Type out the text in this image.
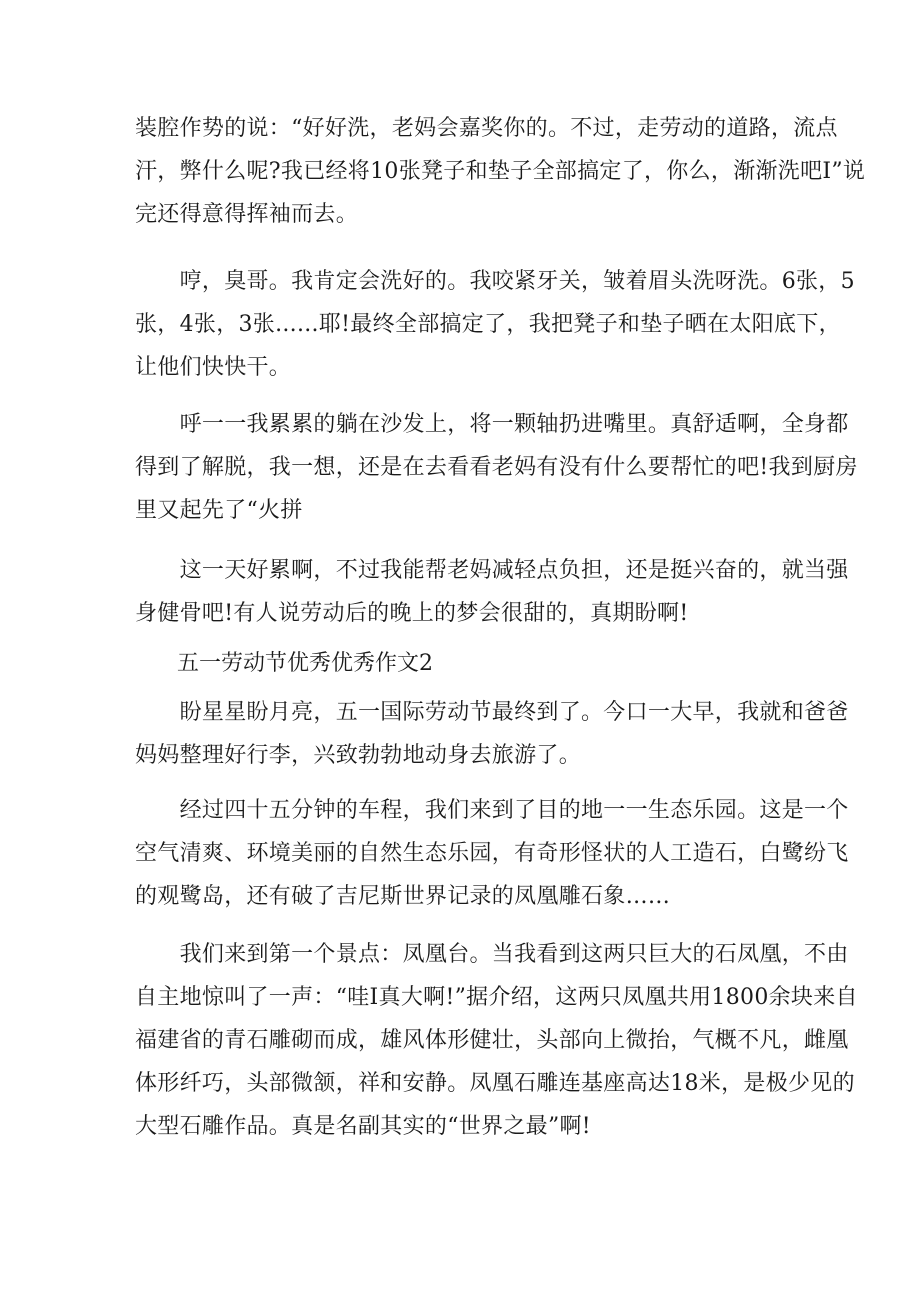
装腔作势的说：“好好洗，老妈会嘉奖你的。不过，走劳动的道路，流点
汗，弊什么呢?我已经将10张凳子和垫子全部搞定了，你么，渐渐洗吧I”说
完还得意得挥袖而去。
　　哼，臭哥。我肯定会洗好的。我咬紧牙关，皱着眉头洗呀洗。6张，5
张，4张，3张......耶!最终全部搞定了，我把凳子和垫子晒在太阳底下，
让他们快快干。
　　呼一一我累累的躺在沙发上，将一颗轴扔进嘴里。真舒适啊，全身都
得到了解脱，我一想，还是在去看看老妈有没有什么要帮忙的吧!我到厨房
里又起先了“火拼
　　这一天好累啊，不过我能帮老妈减轻点负担，还是挺兴奋的，就当强
身健骨吧!有人说劳动后的晚上的梦会很甜的，真期盼啊!
五一劳动节优秀优秀作文2
　　盼星星盼月亮，五一国际劳动节最终到了。今口一大早，我就和爸爸
妈妈整理好行李，兴致勃勃地动身去旅游了。
　　经过四十五分钟的车程，我们来到了目的地一一生态乐园。这是一个
空气清爽、环境美丽的自然生态乐园，有奇形怪状的人工造石，白鹭纷飞
的观鹭岛，还有破了吉尼斯世界记录的凤凰雕石象……
　　我们来到第一个景点：凤凰台。当我看到这两只巨大的石凤凰，不由
自主地惊叫了一声：“哇I真大啊!”据介绍，这两只凤凰共用1800余块来自
福建省的青石雕砌而成，雄风体形健壮，头部向上微抬，气概不凡，雌凰
体形纤巧，头部微颔，祥和安静。凤凰石雕连基座高达18米，是极少见的
大型石雕作品。真是名副其实的“世界之最”啊!
